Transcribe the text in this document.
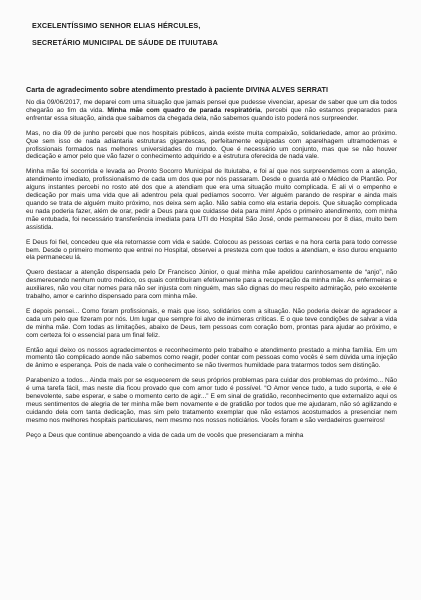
EXCELENTÍSSIMO SENHOR ELIAS HÉRCULES,
SECRETÁRIO MUNICIPAL DE SÁUDE DE ITUIUTABA
Carta de agradecimento sobre atendimento prestado à paciente DIVINA ALVES SERRATI

No dia 09/06/2017, me deparei com uma situação que jamais pensei que pudesse vivenciar, apesar de saber que um dia todos chegarão ao fim da vida. Minha mãe com quadro de parada respiratória, percebi que não estamos preparados para enfrentar essa situação, ainda que saibamos da chegada dela, não sabemos quando isto poderá nos surpreender.

Mas, no dia 09 de junho percebi que nos hospitais públicos, ainda existe muita compaixão, solidariedade, amor ao próximo. Que sem isso de nada adiantaria estruturas gigantescas, perfeitamente equipadas com aparelhagem ultramodernas e profissionais formados nas melhores universidades do mundo. Que é necessário um conjunto, mas que se não houver dedicação e amor pelo que vão fazer o conhecimento adquirido e a estrutura oferecida de nada vale.

Minha mãe foi socorrida e levada ao Pronto Socorro Municipal de Ituiutaba, e foi aí que nos surpreendemos com a atenção, atendimento imediato, profissionalismo de cada um dos que por nós passaram. Desde o guarda até o Médico de Plantão. Por alguns instantes percebi no rosto até dos que a atendiam que era uma situação muito complicada. E ali vi o empenho e dedicação por mais uma vida que ali adentrou pela qual pedíamos socorro. Ver alguém parando de respirar e ainda mais quando se trata de alguém muito próximo, nos deixa sem ação. Não sabia como ela estaria depois. Que situação complicada eu nada poderia fazer, além de orar, pedir a Deus para que cuidasse dela para mim! Após o primeiro atendimento, com minha mãe entubada, foi necessário transferência imediata para UTI do Hospital São José, onde permaneceu por 8 dias, muito bem assistida.

E Deus foi fiel, concedeu que ela retornasse com vida e saúde. Colocou as pessoas certas e na hora certa para todo corresse bem. Desde o primeiro momento que entrei no Hospital, observei a presteza com que todos a atendiam, e isso durou enquanto ela permaneceu lá.

Quero destacar a atenção dispensada pelo Dr Francisco Júnior, o qual minha mãe apelidou carinhosamente de “anjo”, não desmerecendo nenhum outro médico, os quais contribuíram efetivamente para a recuperação da minha mãe. As enfermeiras e auxiliares, não vou citar nomes para não ser injusta com ninguém, mas são dignas do meu respeito admiração, pelo excelente trabalho, amor e carinho dispensado para com minha mãe.

E depois pensei... Como foram profissionais, e mais que isso, solidários com a situação. Não poderia deixar de agradecer a cada um pelo que fizeram por nós. Um lugar que sempre foi alvo de inúmeras críticas. E o que teve condições de salvar a vida de minha mãe. Com todas as limitações, abaixo de Deus, tem pessoas com coração bom, prontas para ajudar ao próximo, e com certeza foi o essencial para um final feliz.

Então aqui deixo os nossos agradecimentos e reconhecimento pelo trabalho e atendimento prestado a minha família. Em um momento tão complicado aonde não sabemos como reagir, poder contar com pessoas como vocês é sem dúvida uma injeção de ânimo e esperança. Pois de nada vale o conhecimento se não tivermos humildade para tratarmos todos sem distinção.

Parabenizo a todos... Ainda mais por se esquecerem de seus próprios problemas para cuidar dos problemas do próximo... Não é uma tarefa fácil, mas neste dia ficou provado que com amor tudo é possível. “O Amor vence tudo, a tudo suporta, e ele é benevolente, sabe esperar, e sabe o momento certo de agir...” E em sinal de gratidão, reconhecimento que externalizo aqui os meus sentimentos de alegria de ter minha mãe bem novamente e de gratidão por todos que me ajudaram, não só agilizando e cuidando dela com tanta dedicação, mas sim pelo tratamento exemplar que não estamos acostumados a presenciar nem mesmo nos melhores hospitais particulares, nem mesmo nos nossos noticiários. Vocês foram e são verdadeiros guerreiros!

Peço a Deus que continue abençoando a vida de cada um de vocês que presenciaram a minha
